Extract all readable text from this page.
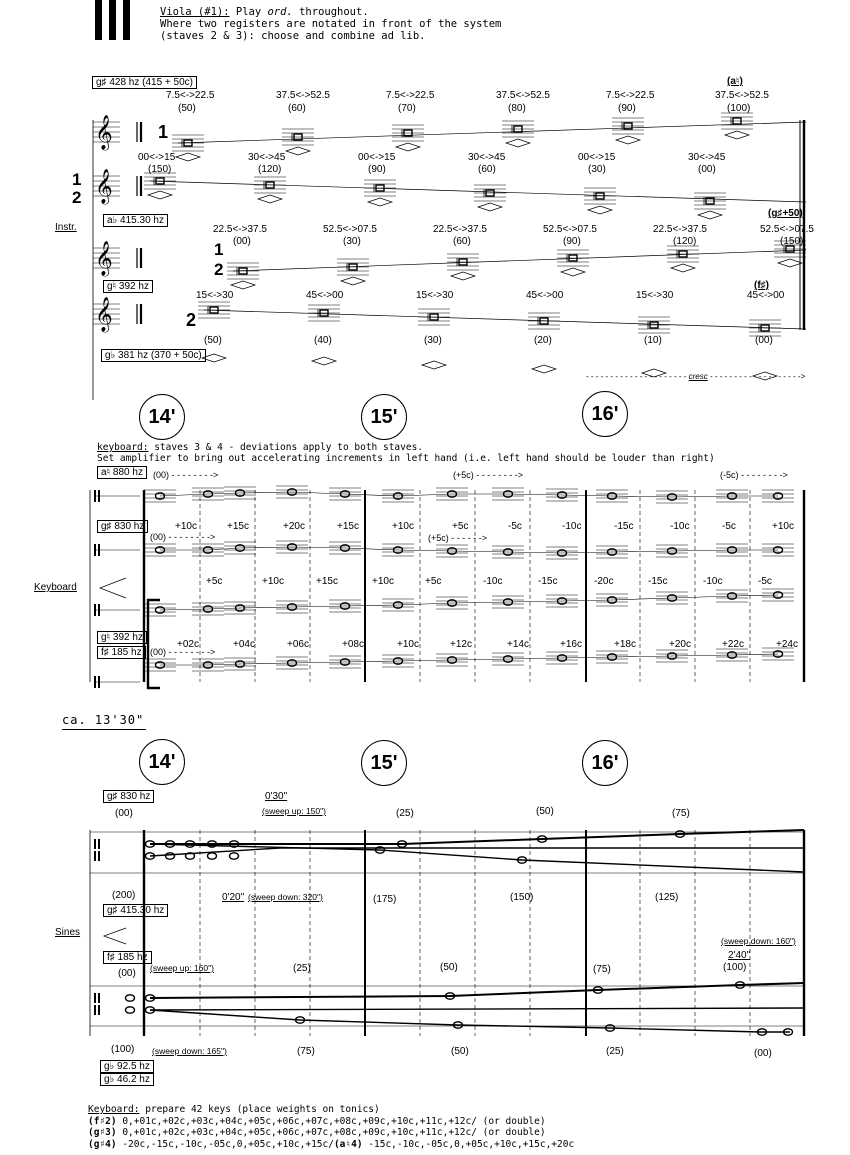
Viola (#1): Play ord. throughout.
Where two registers are notated in front of the system
(staves 2 & 3): choose and combine ad lib.
𝄞
𝄞
𝄞
𝄞
g♯ 428 hz (415 + 50c)
a♭ 415.30 hz
g♮ 392 hz
g♭ 381 hz (370 + 50c)
Instr.
1
1
2
1
2
2
(a♮)
(g♯+50)
(f♯)
- - - - - - - - - - - - - - - - - - - - - cresc - - - - - - - - - - - - - - - - - - ->
7.5<->22.5
(50)
37.5<->52.5
(60)
7.5<->22.5
(70)
37.5<->52.5
(80)
7.5<->22.5
(90)
37.5<->52.5
(100)
00<->15
(150)
30<->45
(120)
00<->15
(90)
30<->45
(60)
00<->15
(30)
30<->45
(00)
22.5<->37.5
(00)
52.5<->07.5
(30)
22.5<->37.5
(60)
52.5<->07.5
(90)
22.5<->37.5
(120)
52.5<->07.5
(150)
15<->30
(50)
45<->00
(40)
15<->30
(30)
45<->00
(20)
15<->30
(10)
45<->00
(00)
14'	15'	16'
keyboard: staves 3 & 4 - deviations apply to both staves.
Set amplifier to bring out accelerating increments in left hand (i.e. left hand should be louder than right)
a♮ 880 hz
g♯ 830 hz
g♮ 392 hz
f♯ 185 hz
Keyboard
+10c	+15c	+20c	+15c	+10c	+5c	-5c	-10c	-15c	-10c	-5c	+10c
+5c	+10c	+15c	+10c	+5c	-10c	-15c	-20c	-15c	-10c	-5c
+02c	+04c	+06c	+08c	+10c	+12c	+14c	+16c	+18c	+20c	+22c	+24c
(00) - - - - - - - ->
(00) - - - - - - - ->
(00) - - - - - - - ->
(+5c) - - - - - - - ->
(+5c) - - - - - ->
(-5c) - - - - - - - ->
ca. 13'30"
14'	15'	16'
g♯ 830 hz
g♯ 415.30 hz
f♯ 185 hz
g♭ 92.5 hz
g♭ 46.2 hz
Sines
(00)
0'30"
(sweep up: 150")	(25)	(50)	(75)
(200)	0'20" (sweep down: 320")	(175)	(150)	(125)
(sweep down: 160")
2'40"
(100)
(00) (sweep up: 160")	(25)	(50)	(75)
(100) (sweep down: 165")	(75)	(50)	(25)	(00)
Keyboard: prepare 42 keys (place weights on tonics)
(f♯2) 0,+01c,+02c,+03c,+04c,+05c,+06c,+07c,+08c,+09c,+10c,+11c,+12c/ (or double)
(g♯3) 0,+01c,+02c,+03c,+04c,+05c,+06c,+07c,+08c,+09c,+10c,+11c,+12c/ (or double)
(g♯4) -20c,-15c,-10c,-05c,0,+05c,+10c,+15c/(a♮4) -15c,-10c,-05c,0,+05c,+10c,+15c,+20c
